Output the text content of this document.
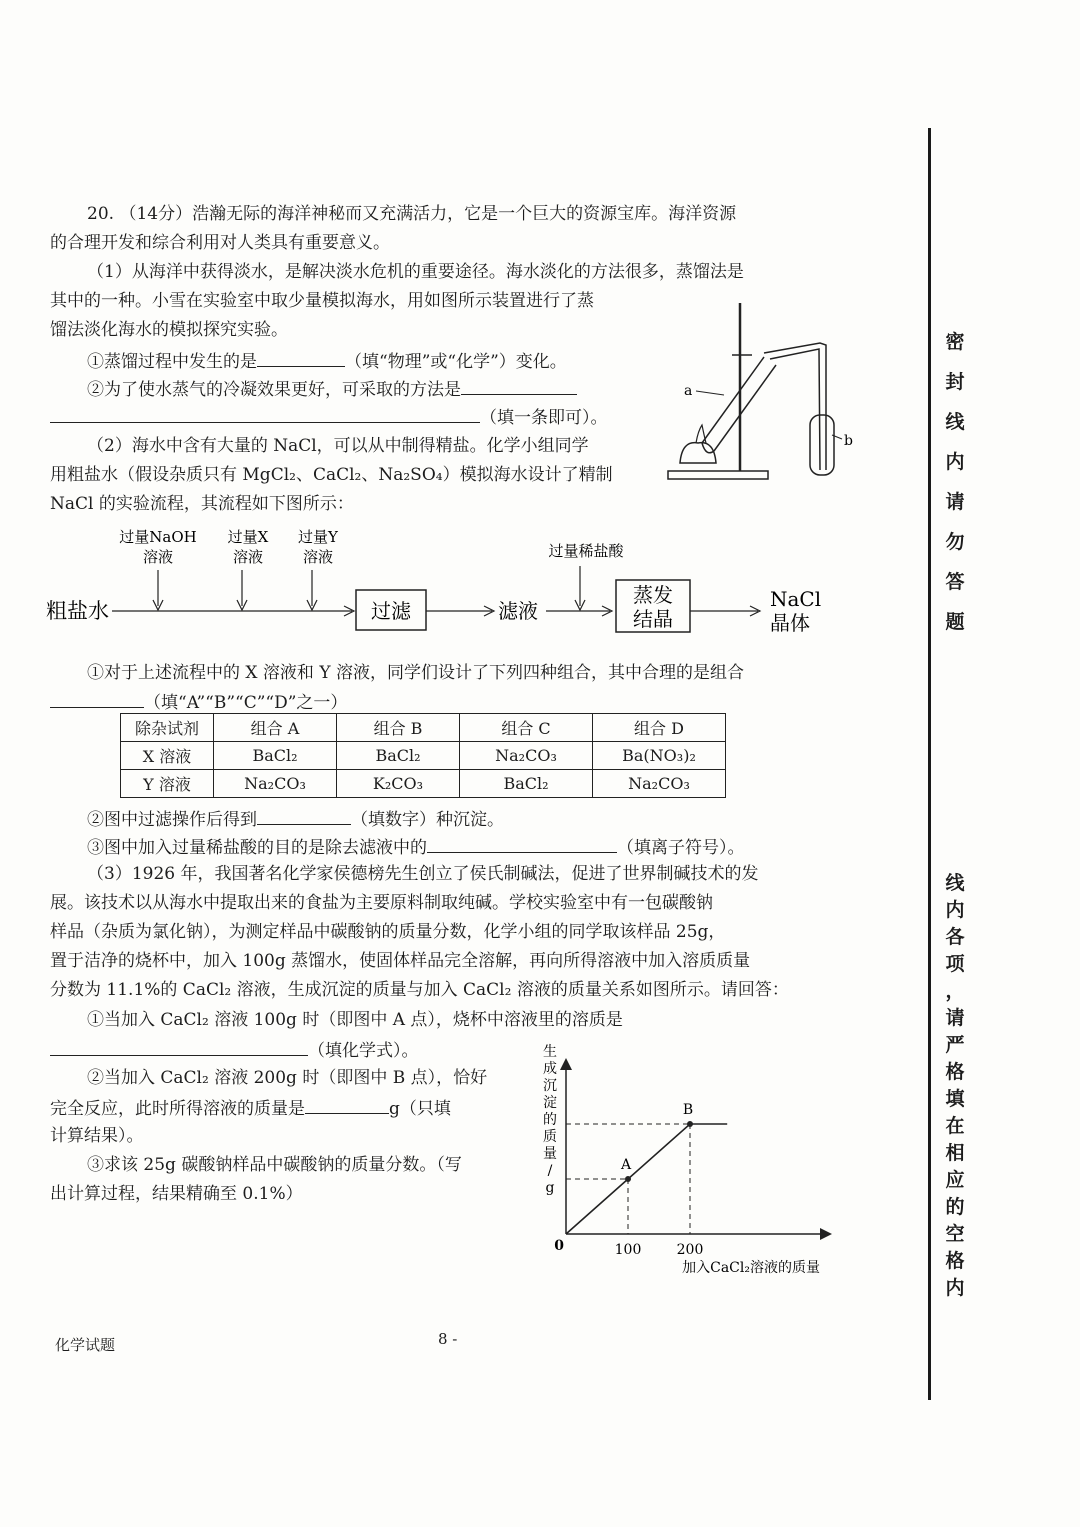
20. （14分）浩瀚无际的海洋神秘而又充满活力，它是一个巨大的资源宝库。海洋资源
的合理开发和综合利用对人类具有重要意义。
（1）从海洋中获得淡水，是解决淡水危机的重要途径。海水淡化的方法很多，蒸馏法是
其中的一种。小雪在实验室中取少量模拟海水，用如图所示装置进行了蒸
馏法淡化海水的模拟探究实验。
①蒸馏过程中发生的是	（填“物理”或“化学”）变化。
②为了使水蒸气的冷凝效果更好，可采取的方法是
（填一条即可）。
（2）海水中含有大量的 NaCl，可以从中制得精盐。化学小组同学
用粗盐水（假设杂质只有 MgCl₂、CaCl₂、Na₂SO₄）模拟海水设计了精制
NaCl 的实验流程，其流程如下图所示：
a
b
过量NaOH
溶液
过量X
溶液
过量Y
溶液	过量稀盐酸
粗盐水	过滤	滤液
蒸发
结晶
NaCl
晶体
①对于上述流程中的 X 溶液和 Y 溶液，同学们设计了下列四种组合，其中合理的是组合
（填“A”“B”“C”“D”之一）
除杂试剂	组合 A	组合 B	组合 C	组合 D
X 溶液	BaCl₂	BaCl₂	Na₂CO₃	Ba(NO₃)₂
Y 溶液	Na₂CO₃	K₂CO₃	BaCl₂	Na₂CO₃
②图中过滤操作后得到	（填数字）种沉淀。
③图中加入过量稀盐酸的目的是除去滤液中的	（填离子符号）。
（3）1926 年，我国著名化学家侯德榜先生创立了侯氏制碱法，促进了世界制碱技术的发
展。该技术以从海水中提取出来的食盐为主要原料制取纯碱。学校实验室中有一包碳酸钠
样品（杂质为氯化钠），为测定样品中碳酸钠的质量分数，化学小组的同学取该样品 25g，
置于洁净的烧杯中，加入 100g 蒸馏水，使固体样品完全溶解，再向所得溶液中加入溶质质量
分数为 11.1%的 CaCl₂ 溶液，生成沉淀的质量与加入 CaCl₂ 溶液的质量关系如图所示。请回答：
①当加入 CaCl₂ 溶液 100g 时（即图中 A 点），烧杯中溶液里的溶质是
（填化学式）。
②当加入 CaCl₂ 溶液 200g 时（即图中 B 点），恰好
完全反应，此时所得溶液的质量是	g（只填
计算结果）。
③求该 25g 碳酸钠样品中碳酸钠的质量分数。（写
出计算过程，结果精确至 0.1%）
生成沉淀的质量/ g
0
加入CaCl₂溶液的质量
A
B
100	200
密
封
线
内
请
勿
答
题
线
内
各
项
，
请
严
格
填
在
相
应
的
空
格
内
化学试题	8 -
